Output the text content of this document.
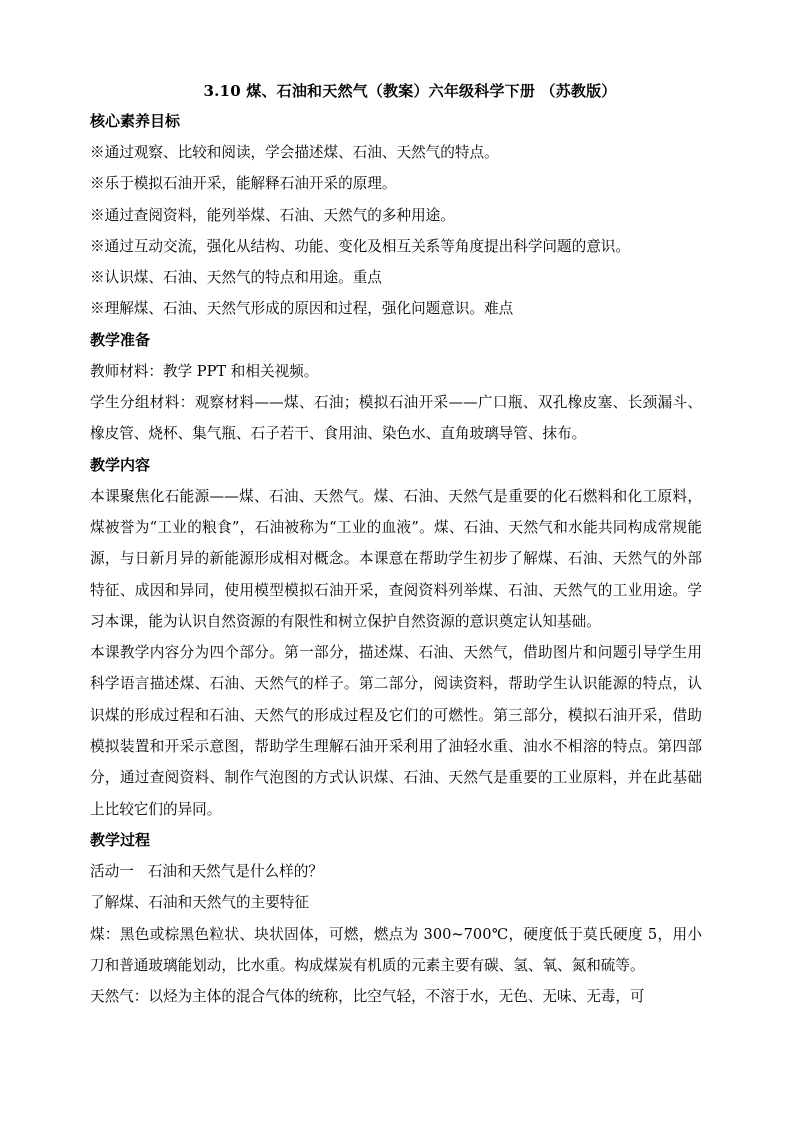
3.10 煤、石油和天然气（教案）六年级科学下册 （苏教版）
核心素养目标
※通过观察、比较和阅读，学会描述煤、石油、天然气的特点。
※乐于模拟石油开采，能解释石油开采的原理。
※通过查阅资料，能列举煤、石油、天然气的多种用途。
※通过互动交流，强化从结构、功能、变化及相互关系等角度提出科学问题的意识。
※认识煤、石油、天然气的特点和用途。重点
※理解煤、石油、天然气形成的原因和过程，强化问题意识。难点
教学准备
教师材料：教学 PPT 和相关视频。
学生分组材料：观察材料——煤、石油；模拟石油开采——广口瓶、双孔橡皮塞、长颈漏斗、橡皮管、烧杯、集气瓶、石子若干、食用油、染色水、直角玻璃导管、抹布。
教学内容
本课聚焦化石能源——煤、石油、天然气。煤、石油、天然气是重要的化石燃料和化工原料，煤被誉为“工业的粮食”，石油被称为“工业的血液”。煤、石油、天然气和水能共同构成常规能源，与日新月异的新能源形成相对概念。本课意在帮助学生初步了解煤、石油、天然气的外部特征、成因和异同，使用模型模拟石油开采，查阅资料列举煤、石油、天然气的工业用途。学习本课，能为认识自然资源的有限性和树立保护自然资源的意识奠定认知基础。
本课教学内容分为四个部分。第一部分，描述煤、石油、天然气，借助图片和问题引导学生用科学语言描述煤、石油、天然气的样子。第二部分，阅读资料，帮助学生认识能源的特点，认识煤的形成过程和石油、天然气的形成过程及它们的可燃性。第三部分，模拟石油开采，借助模拟装置和开采示意图，帮助学生理解石油开采利用了油轻水重、油水不相溶的特点。第四部分，通过查阅资料、制作气泡图的方式认识煤、石油、天然气是重要的工业原料，并在此基础上比较它们的异同。
教学过程
活动一 石油和天然气是什么样的？
了解煤、石油和天然气的主要特征
煤：黑色或棕黑色粒状、块状固体，可燃，燃点为 300~700℃，硬度低于莫氏硬度 5，用小刀和普通玻璃能划动，比水重。构成煤炭有机质的元素主要有碳、氢、氧、氮和硫等。
天然气：以烃为主体的混合气体的统称，比空气轻，不溶于水，无色、无味、无毒，可
